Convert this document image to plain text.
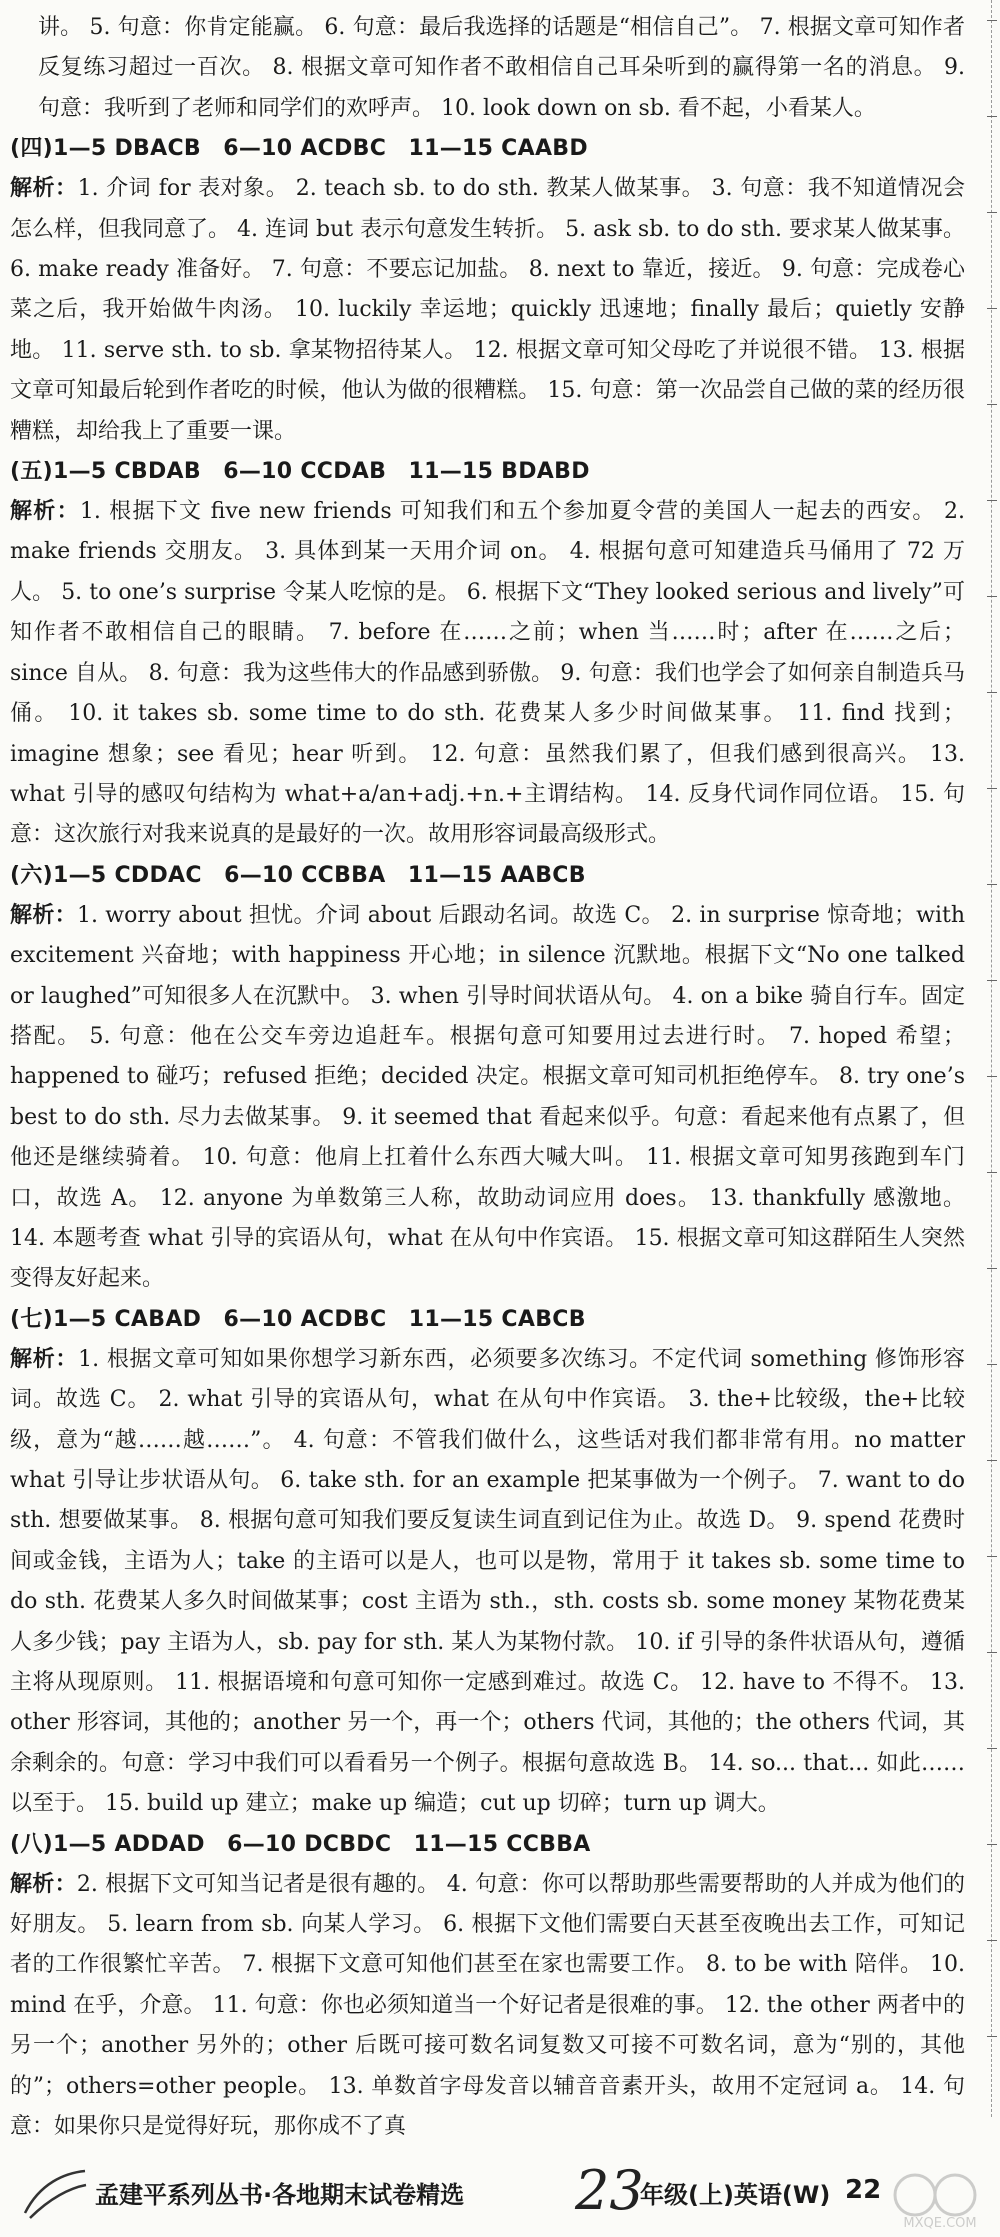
讲。 5. 句意：你肯定能赢。 6. 句意：最后我选择的话题是“相信自己”。 7. 根据文章可知作者反复练习超过一百次。 8. 根据文章可知作者不敢相信自己耳朵听到的赢得第一名的消息。 9. 句意：我听到了老师和同学们的欢呼声。 10. look down on sb. 看不起，小看某人。

(四)1—5 DBACB　6—10 ACDBC　11—15 CAABD

解析：1. 介词 for 表对象。 2. teach sb. to do sth. 教某人做某事。 3. 句意：我不知道情况会怎么样，但我同意了。 4. 连词 but 表示句意发生转折。 5. ask sb. to do sth. 要求某人做某事。 6. make ready 准备好。 7. 句意：不要忘记加盐。 8. next to 靠近，接近。 9. 句意：完成卷心菜之后，我开始做牛肉汤。 10. luckily 幸运地；quickly 迅速地；finally 最后；quietly 安静地。 11. serve sth. to sb. 拿某物招待某人。 12. 根据文章可知父母吃了并说很不错。 13. 根据文章可知最后轮到作者吃的时候，他认为做的很糟糕。 15. 句意：第一次品尝自己做的菜的经历很糟糕，却给我上了重要一课。

(五)1—5 CBDAB　6—10 CCDAB　11—15 BDABD

解析：1. 根据下文 five new friends 可知我们和五个参加夏令营的美国人一起去的西安。 2. make friends 交朋友。 3. 具体到某一天用介词 on。 4. 根据句意可知建造兵马俑用了 72 万人。 5. to one’s surprise 令某人吃惊的是。 6. 根据下文“They looked serious and lively”可知作者不敢相信自己的眼睛。 7. before 在……之前；when 当……时；after 在……之后；since 自从。 8. 句意：我为这些伟大的作品感到骄傲。 9. 句意：我们也学会了如何亲自制造兵马俑。 10. it takes sb. some time to do sth. 花费某人多少时间做某事。 11. find 找到；imagine 想象；see 看见；hear 听到。 12. 句意：虽然我们累了，但我们感到很高兴。 13. what 引导的感叹句结构为 what+a/an+adj.+n.+主谓结构。 14. 反身代词作同位语。 15. 句意：这次旅行对我来说真的是最好的一次。故用形容词最高级形式。

(六)1—5 CDDAC　6—10 CCBBA　11—15 AABCB

解析：1. worry about 担忧。介词 about 后跟动名词。故选 C。 2. in surprise 惊奇地；with excitement 兴奋地；with happiness 开心地；in silence 沉默地。根据下文“No one talked or laughed”可知很多人在沉默中。 3. when 引导时间状语从句。 4. on a bike 骑自行车。固定搭配。 5. 句意：他在公交车旁边追赶车。根据句意可知要用过去进行时。 7. hoped 希望；happened to 碰巧；refused 拒绝；decided 决定。根据文章可知司机拒绝停车。 8. try one’s best to do sth. 尽力去做某事。 9. it seemed that 看起来似乎。句意：看起来他有点累了，但他还是继续骑着。 10. 句意：他肩上扛着什么东西大喊大叫。 11. 根据文章可知男孩跑到车门口，故选 A。 12. anyone 为单数第三人称，故助动词应用 does。 13. thankfully 感激地。 14. 本题考查 what 引导的宾语从句，what 在从句中作宾语。 15. 根据文章可知这群陌生人突然变得友好起来。

(七)1—5 CABAD　6—10 ACDBC　11—15 CABCB

解析：1. 根据文章可知如果你想学习新东西，必须要多次练习。不定代词 something 修饰形容词。故选 C。 2. what 引导的宾语从句，what 在从句中作宾语。 3. the+比较级，the+比较级，意为“越……越……”。 4. 句意：不管我们做什么，这些话对我们都非常有用。no matter what 引导让步状语从句。 6. take sth. for an example 把某事做为一个例子。 7. want to do sth. 想要做某事。 8. 根据句意可知我们要反复读生词直到记住为止。故选 D。 9. spend 花费时间或金钱，主语为人；take 的主语可以是人，也可以是物，常用于 it takes sb. some time to do sth. 花费某人多久时间做某事；cost 主语为 sth.，sth. costs sb. some money 某物花费某人多少钱；pay 主语为人，sb. pay for sth. 某人为某物付款。 10. if 引导的条件状语从句，遵循主将从现原则。 11. 根据语境和句意可知你一定感到难过。故选 C。 12. have to 不得不。 13. other 形容词，其他的；another 另一个，再一个；others 代词，其他的；the others 代词，其余剩余的。句意：学习中我们可以看看另一个例子。根据句意故选 B。 14. so... that... 如此……以至于。 15. build up 建立；make up 编造；cut up 切碎；turn up 调大。

(八)1—5 ADDAD　6—10 DCBDC　11—15 CCBBA

解析：2. 根据下文可知当记者是很有趣的。 4. 句意：你可以帮助那些需要帮助的人并成为他们的好朋友。 5. learn from sb. 向某人学习。 6. 根据下文他们需要白天甚至夜晚出去工作，可知记者的工作很繁忙辛苦。 7. 根据下文意可知他们甚至在家也需要工作。 8. to be with 陪伴。 10. mind 在乎，介意。 11. 句意：你也必须知道当一个好记者是很难的事。 12. the other 两者中的另一个；another 另外的；other 后既可接可数名词复数又可接不可数名词，意为“别的，其他的”；others=other people。 13. 单数首字母发音以辅音音素开头，故用不定冠词 a。 14. 句意：如果你只是觉得好玩，那你成不了真

孟建平系列丛书·各地期末试卷精选 23
年级(上)英语(W) 22
MXQE.COM
